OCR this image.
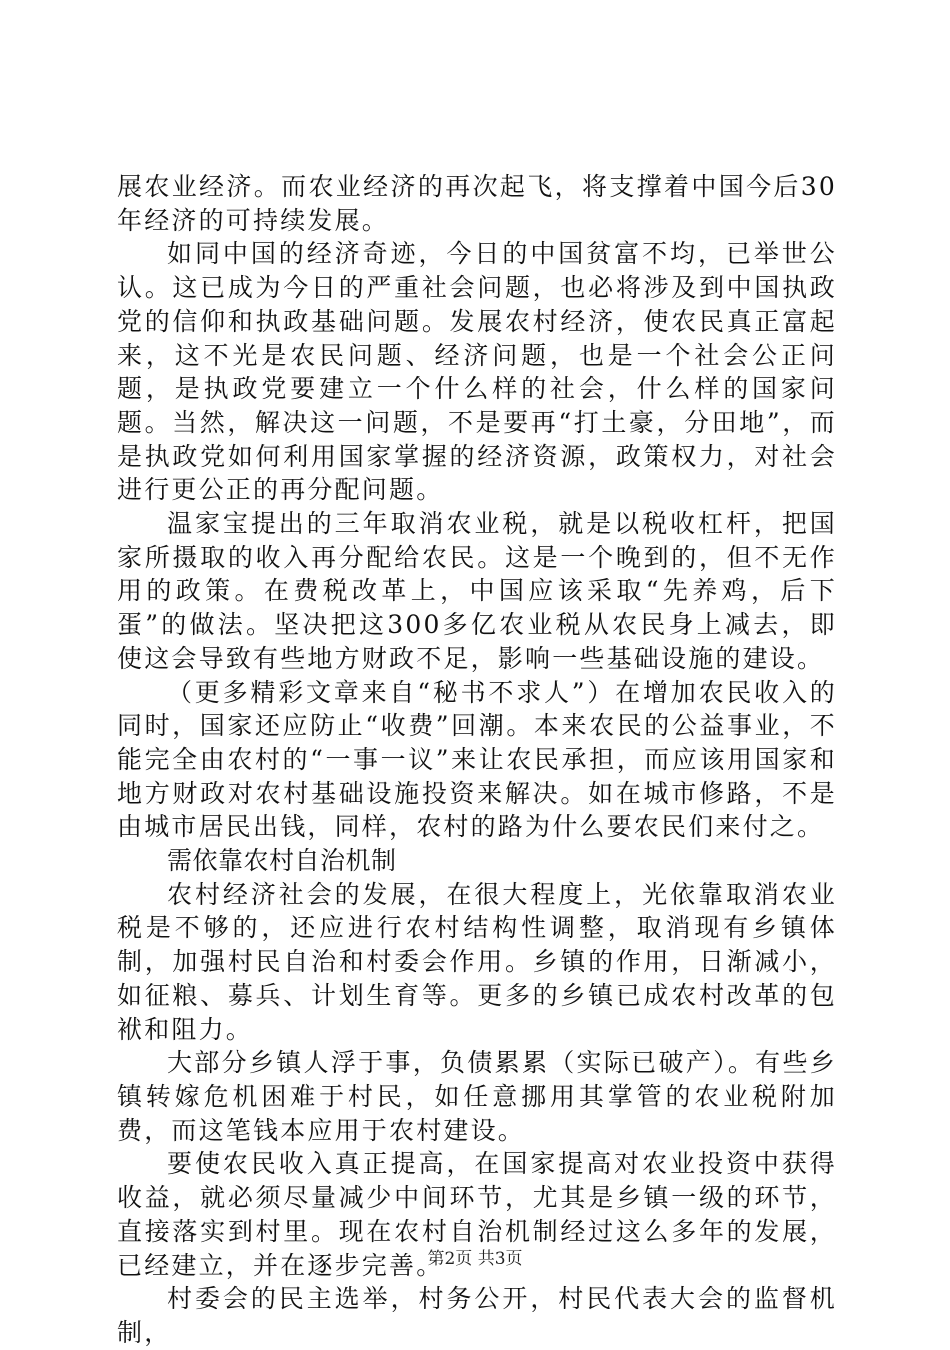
展农业经济。而农业经济的再次起飞，将支撑着中国今后30年经济的可持续发展。

如同中国的经济奇迹，今日的中国贫富不均，已举世公认。这已成为今日的严重社会问题，也必将涉及到中国执政党的信仰和执政基础问题。发展农村经济，使农民真正富起来，这不光是农民问题、经济问题，也是一个社会公正问题，是执政党要建立一个什么样的社会，什么样的国家问题。当然，解决这一问题，不是要再“打土豪，分田地”，而是执政党如何利用国家掌握的经济资源，政策权力，对社会进行更公正的再分配问题。

温家宝提出的三年取消农业税，就是以税收杠杆，把国家所摄取的收入再分配给农民。这是一个晚到的，但不无作用的政策。在费税改革上，中国应该采取“先养鸡，后下蛋”的做法。坚决把这300多亿农业税从农民身上减去，即使这会导致有些地方财政不足，影响一些基础设施的建设。

（更多精彩文章来自“秘书不求人”）在增加农民收入的同时，国家还应防止“收费”回潮。本来农民的公益事业，不能完全由农村的“一事一议”来让农民承担，而应该用国家和地方财政对农村基础设施投资来解决。如在城市修路，不是由城市居民出钱，同样，农村的路为什么要农民们来付之。

需依靠农村自治机制

农村经济社会的发展，在很大程度上，光依靠取消农业税是不够的，还应进行农村结构性调整，取消现有乡镇体制，加强村民自治和村委会作用。乡镇的作用，日渐减小，如征粮、募兵、计划生育等。更多的乡镇已成农村改革的包袱和阻力。

大部分乡镇人浮于事，负债累累（实际已破产）。有些乡镇转嫁危机困难于村民，如任意挪用其掌管的农业税附加费，而这笔钱本应用于农村建设。

要使农民收入真正提高，在国家提高对农业投资中获得收益，就必须尽量减少中间环节，尤其是乡镇一级的环节，直接落实到村里。现在农村自治机制经过这么多年的发展，已经建立，并在逐步完善。

村委会的民主选举，村务公开，村民代表大会的监督机制，

第2页 共3页
